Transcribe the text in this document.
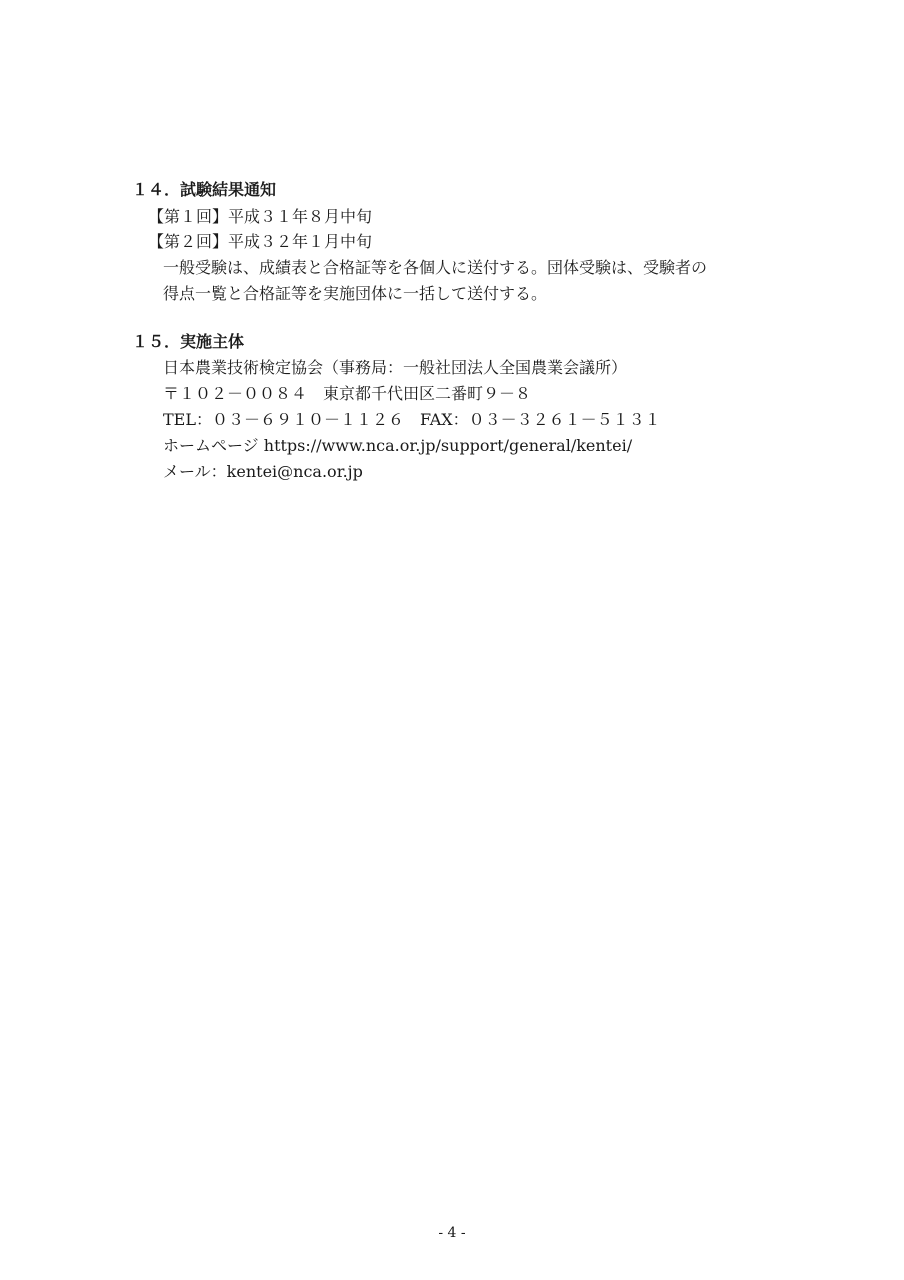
１４．試験結果通知
【第１回】平成３１年８月中旬
【第２回】平成３２年１月中旬
一般受験は、成績表と合格証等を各個人に送付する。団体受験は、受験者の
得点一覧と合格証等を実施団体に一括して送付する。
１５．実施主体
日本農業技術検定協会（事務局：一般社団法人全国農業会議所）
〒１０２－００８４　東京都千代田区二番町９－８
TEL：０３－６９１０－１１２６　FAX：０３－３２６１－５１３１
ホームページ https://www.nca.or.jp/support/general/kentei/
メール：kentei@nca.or.jp
- 4 -
